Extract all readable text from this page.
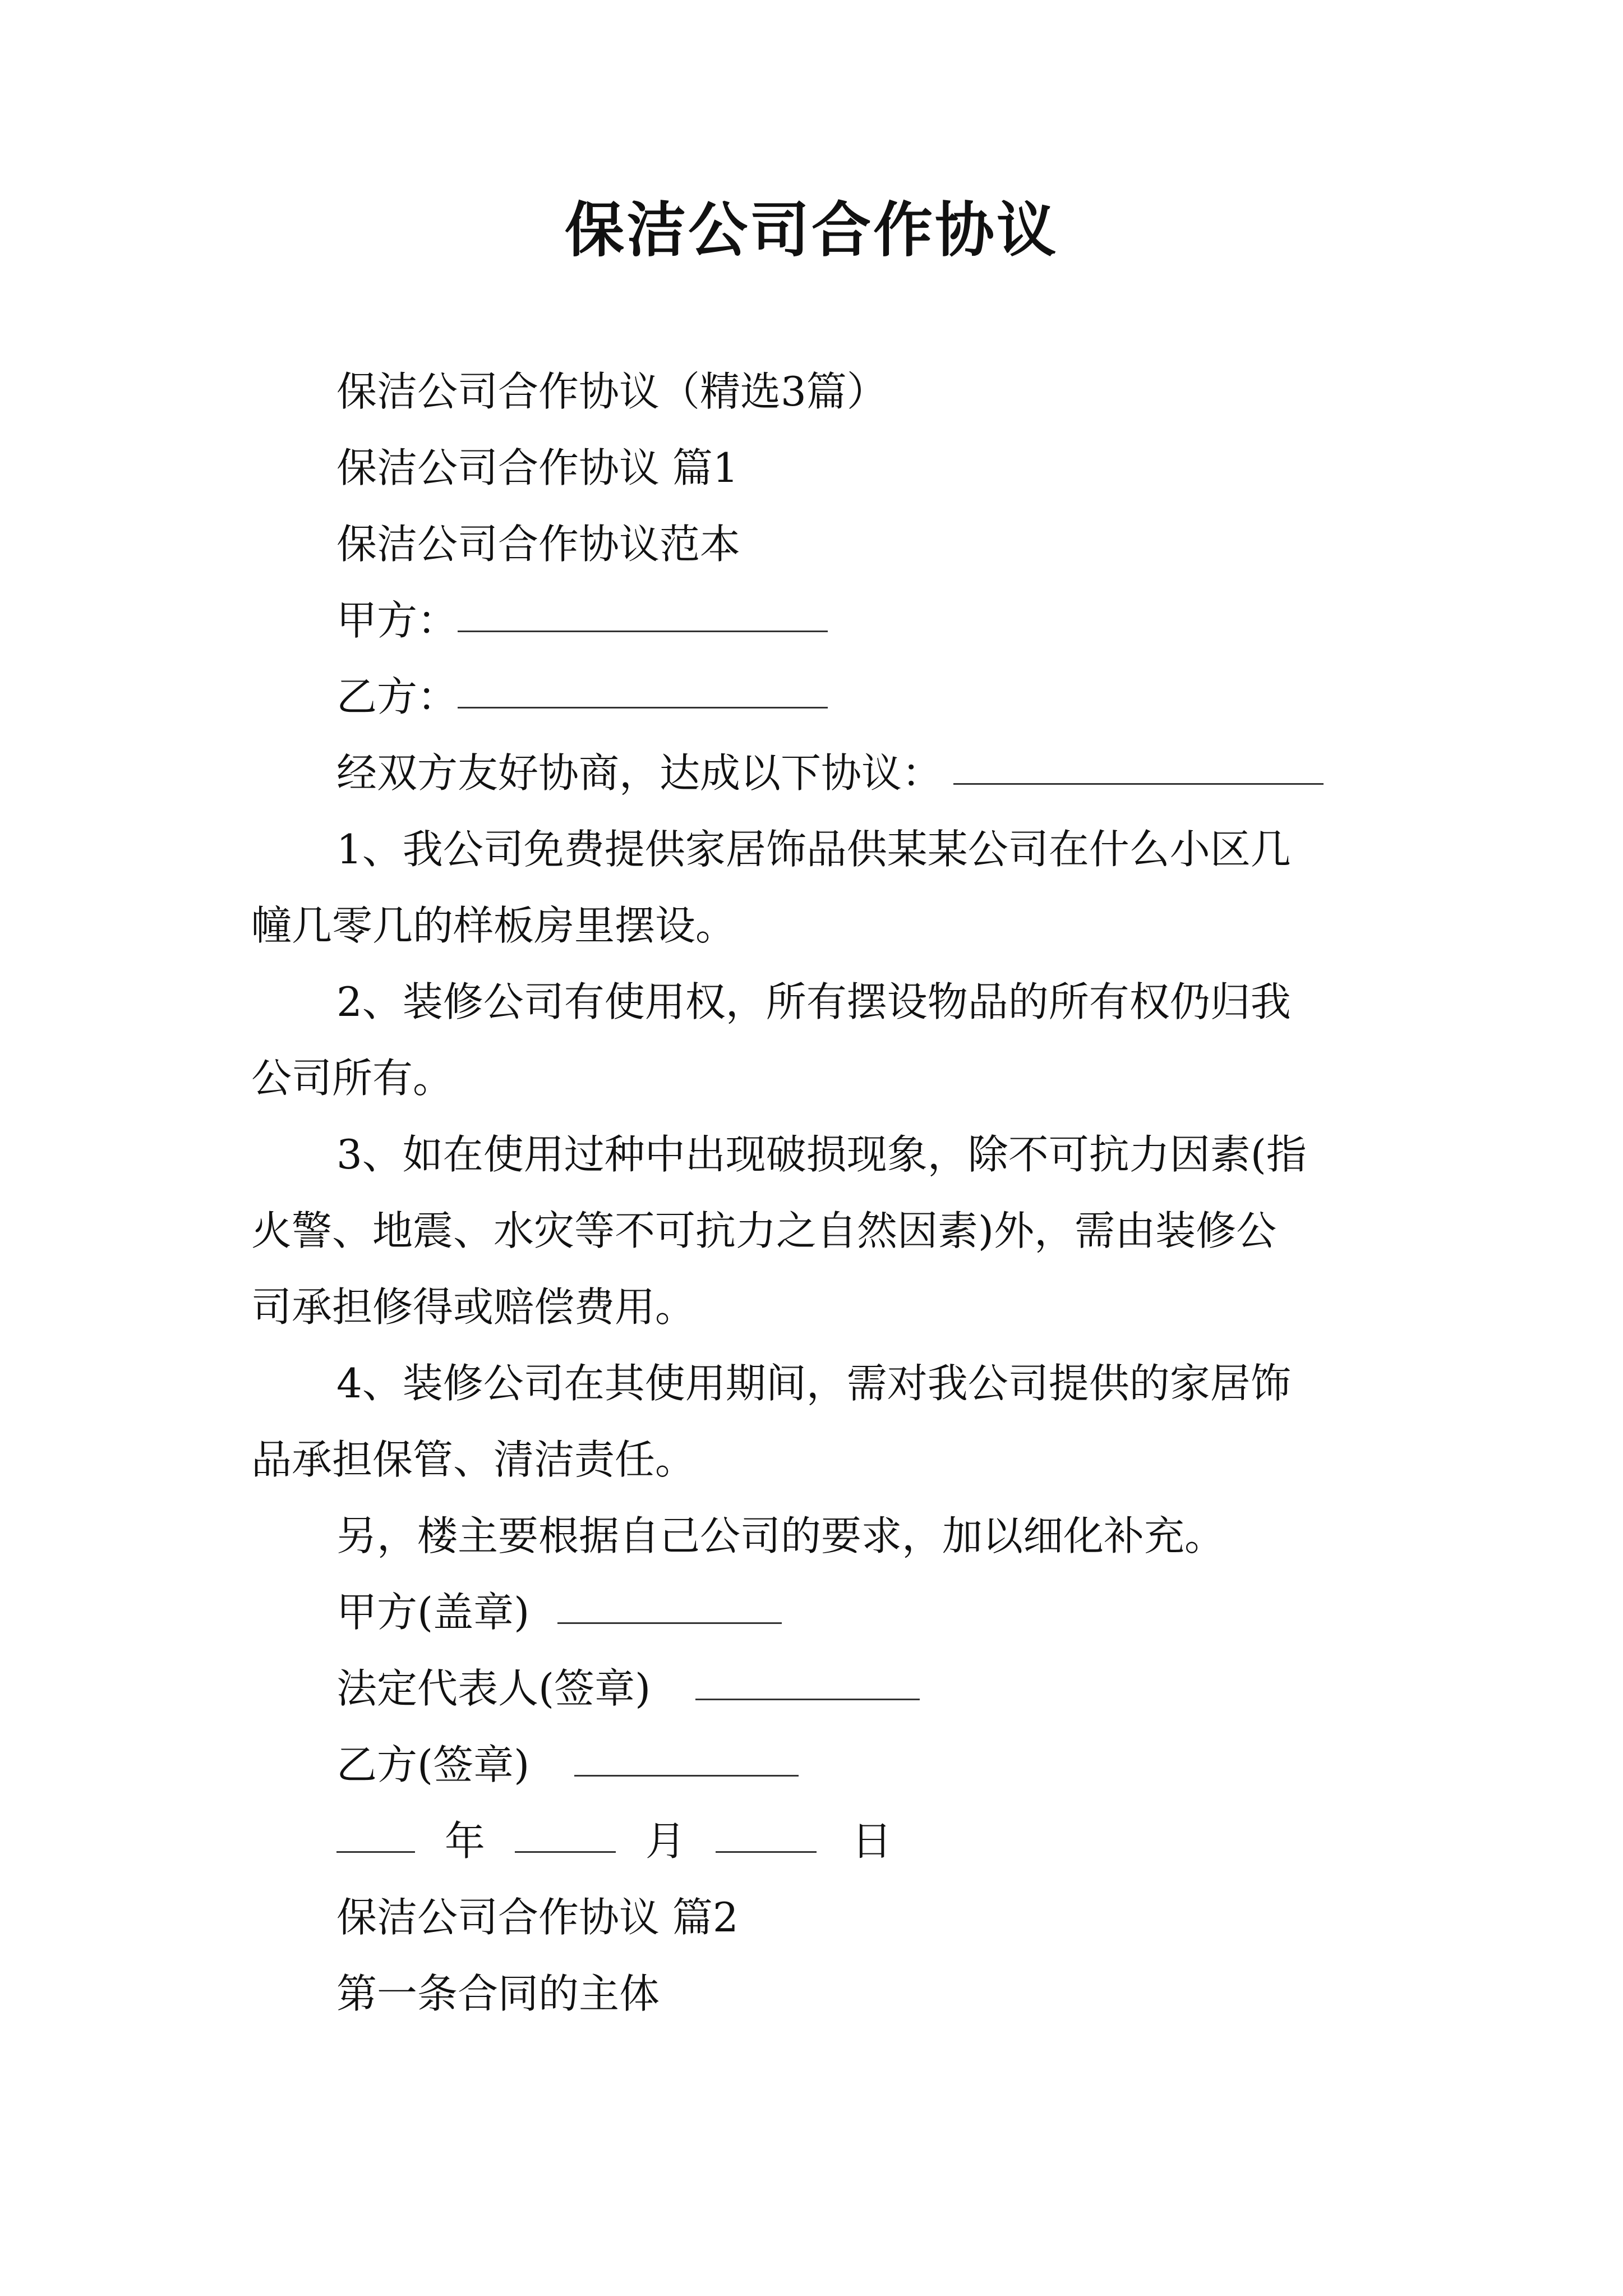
保洁公司合作协议
保洁公司合作协议（精选3篇）
保洁公司合作协议 篇1
保洁公司合作协议范本
甲方：
乙方：
经双方友好协商，达成以下协议：
1、我公司免费提供家居饰品供某某公司在什么小区几
幢几零几的样板房里摆设。
2、装修公司有使用权，所有摆设物品的所有权仍归我
公司所有。
3、如在使用过种中出现破损现象，除不可抗力因素(指
火警、地震、水灾等不可抗力之自然因素)外，需由装修公
司承担修得或赔偿费用。
4、装修公司在其使用期间，需对我公司提供的家居饰
品承担保管、清洁责任。
另，楼主要根据自己公司的要求，加以细化补充。
甲方(盖章)
法定代表人(签章)
乙方(签章)
年	月	日
保洁公司合作协议 篇2
第一条合同的主体
